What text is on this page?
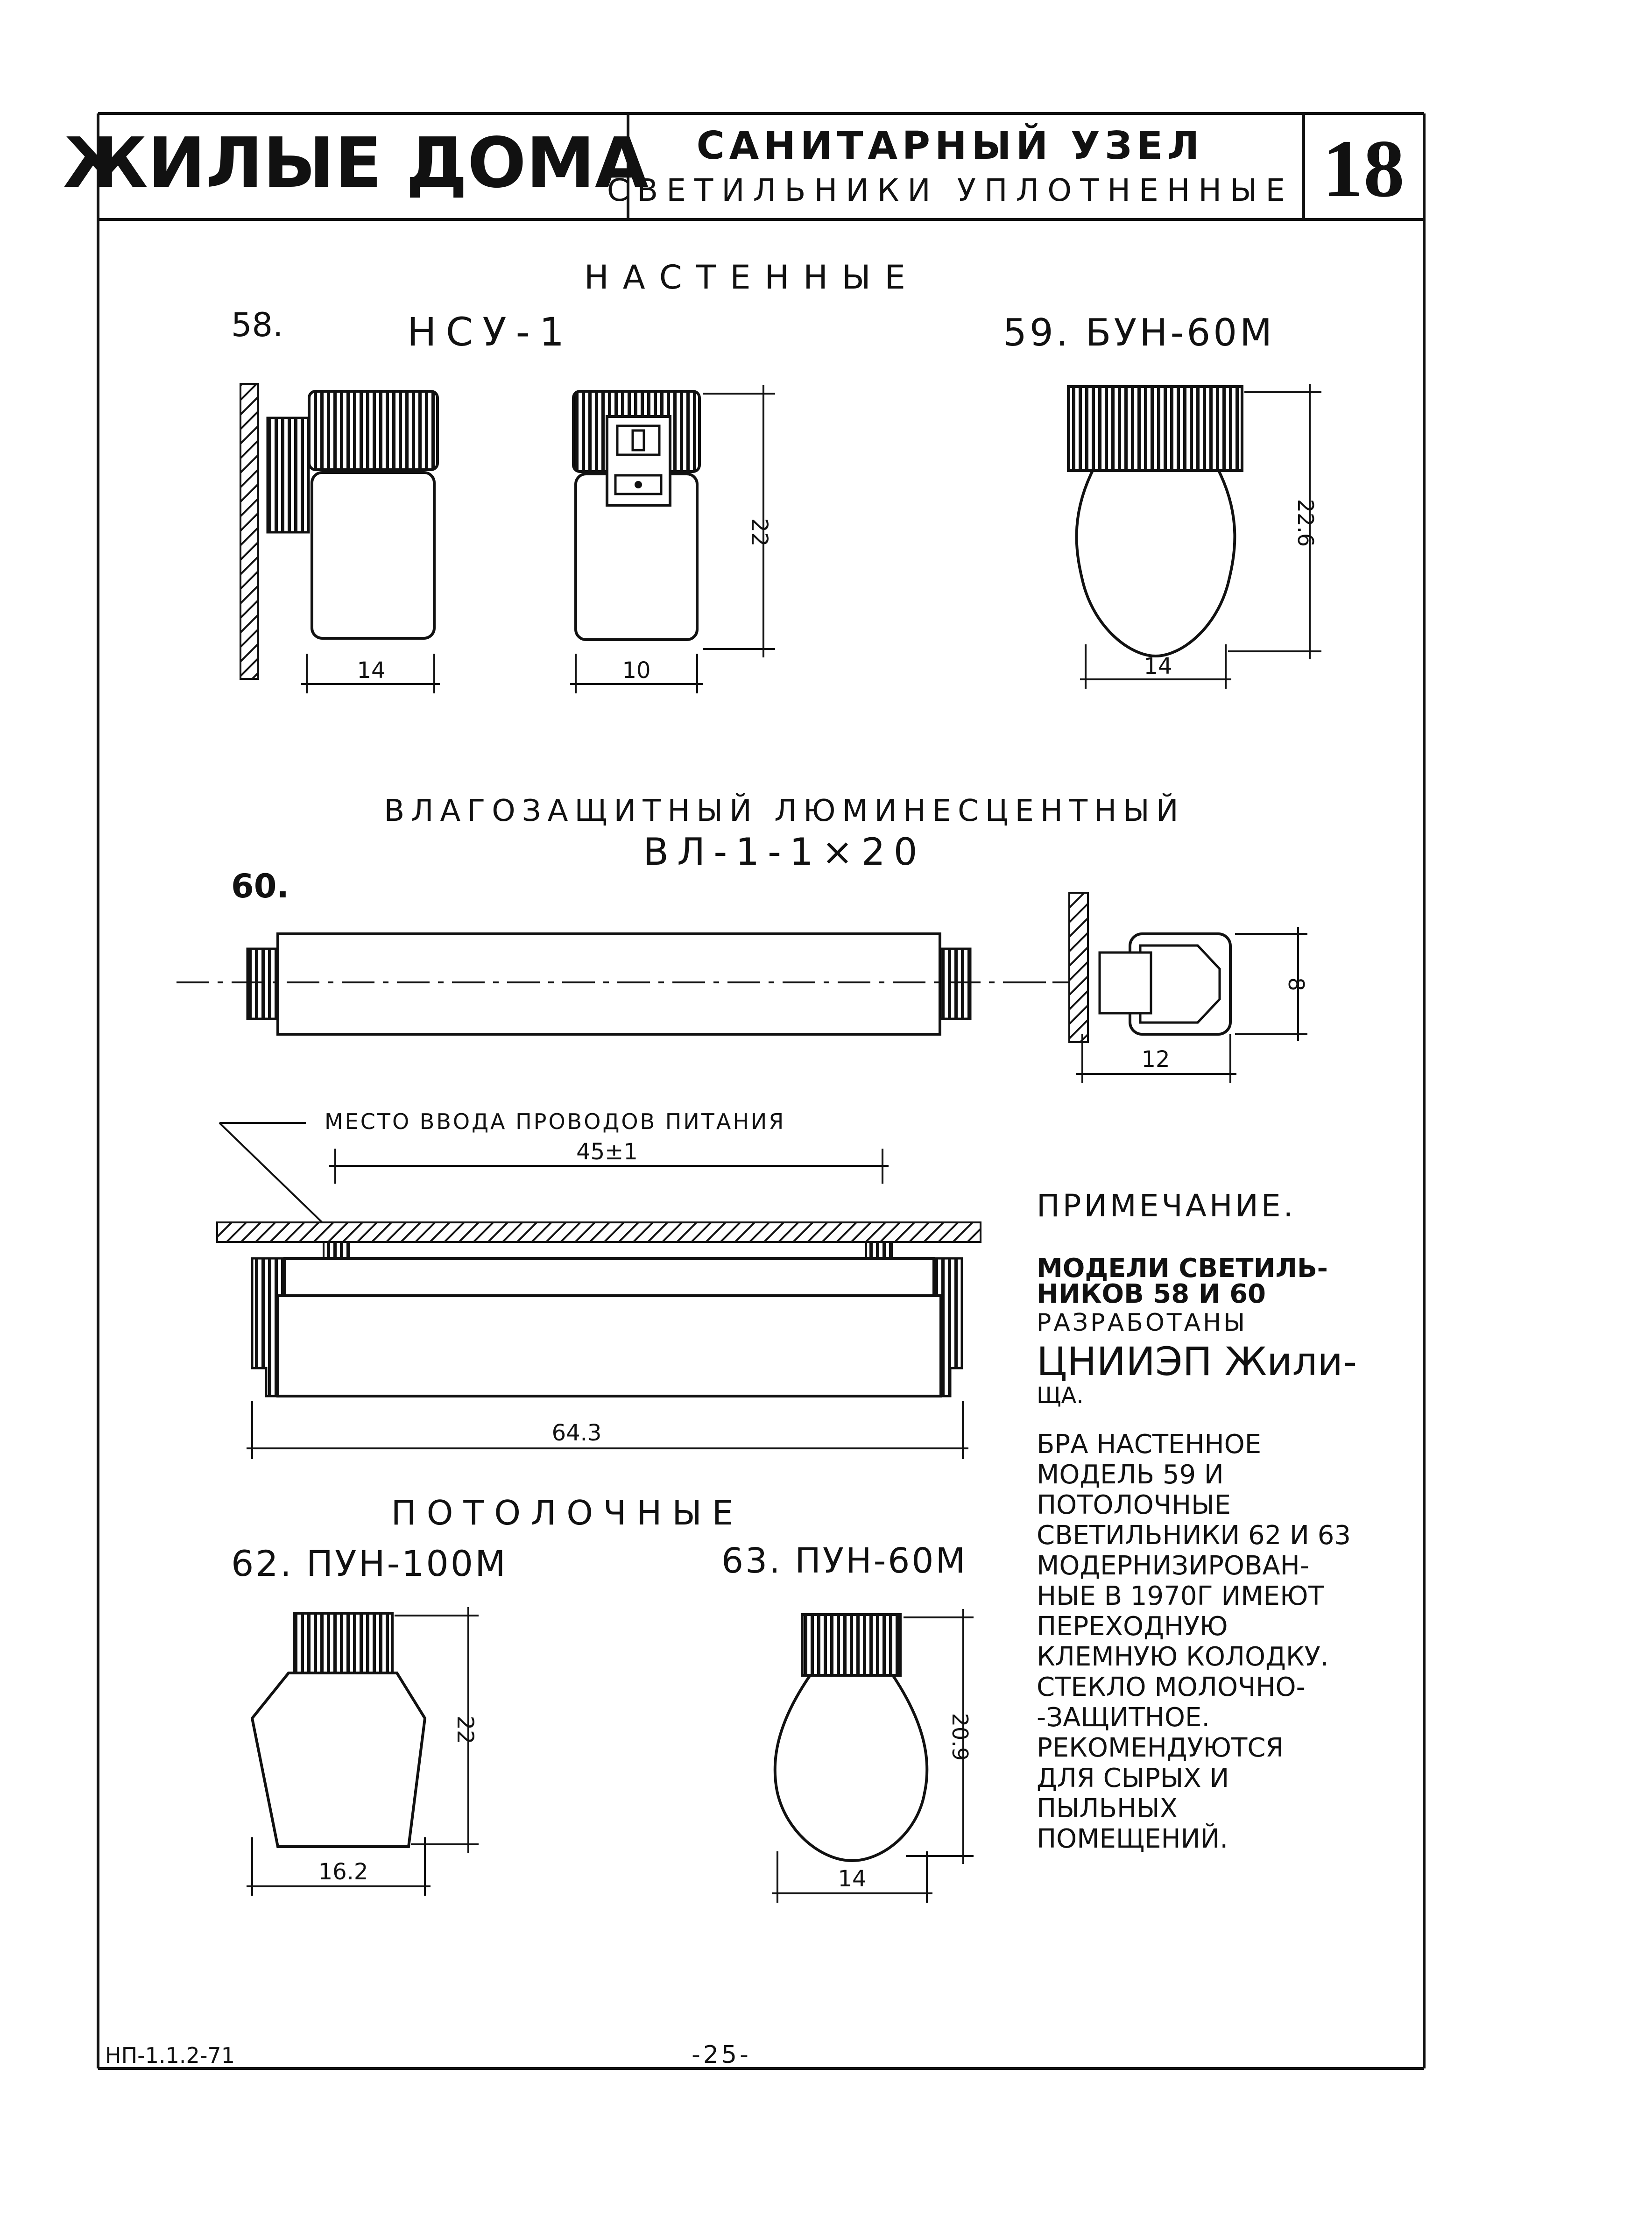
ЖИЛЫЕ ДОМА САНИТАРНЫЙ УЗЕЛ
СВЕТИЛЬНИКИ УПЛОТНЕННЫЕ 18
НАСТЕННЫЕ
58.	НСУ-1
14	10
22
59. БУН-60М
22.6
14
ВЛАГОЗАЩИТНЫЙ ЛЮМИНЕСЦЕНТНЫЙ
ВЛ-1-1×20
60.
8
12
МЕСТО ВВОДА ПРОВОДОВ ПИТАНИЯ
45±1
64.3
ПОТОЛОЧНЫЕ
62. ПУН-100М
22
16.2
63. ПУН-60М
20.9
14
ПРИМЕЧАНИЕ.
МОДЕЛИ СВЕТИЛЬ-
НИКОВ 58 И 60
РАЗРАБОТАНЫ
ЦНИИЭП Жили-
ЩА.
БРА НАСТЕННОЕ
МОДЕЛЬ 59 И
ПОТОЛОЧНЫЕ
СВЕТИЛЬНИКИ 62 И 63
МОДЕРНИЗИРОВАН-
НЫЕ В 1970Г ИМЕЮТ
ПЕРЕХОДНУЮ
КЛЕМНУЮ КОЛОДКУ.
СТЕКЛО МОЛОЧНО-
-ЗАЩИТНОЕ.
РЕКОМЕНДУЮТСЯ
ДЛЯ СЫРЫХ И
ПЫЛЬНЫХ
ПОМЕЩЕНИЙ.
НП-1.1.2-71	-25-
